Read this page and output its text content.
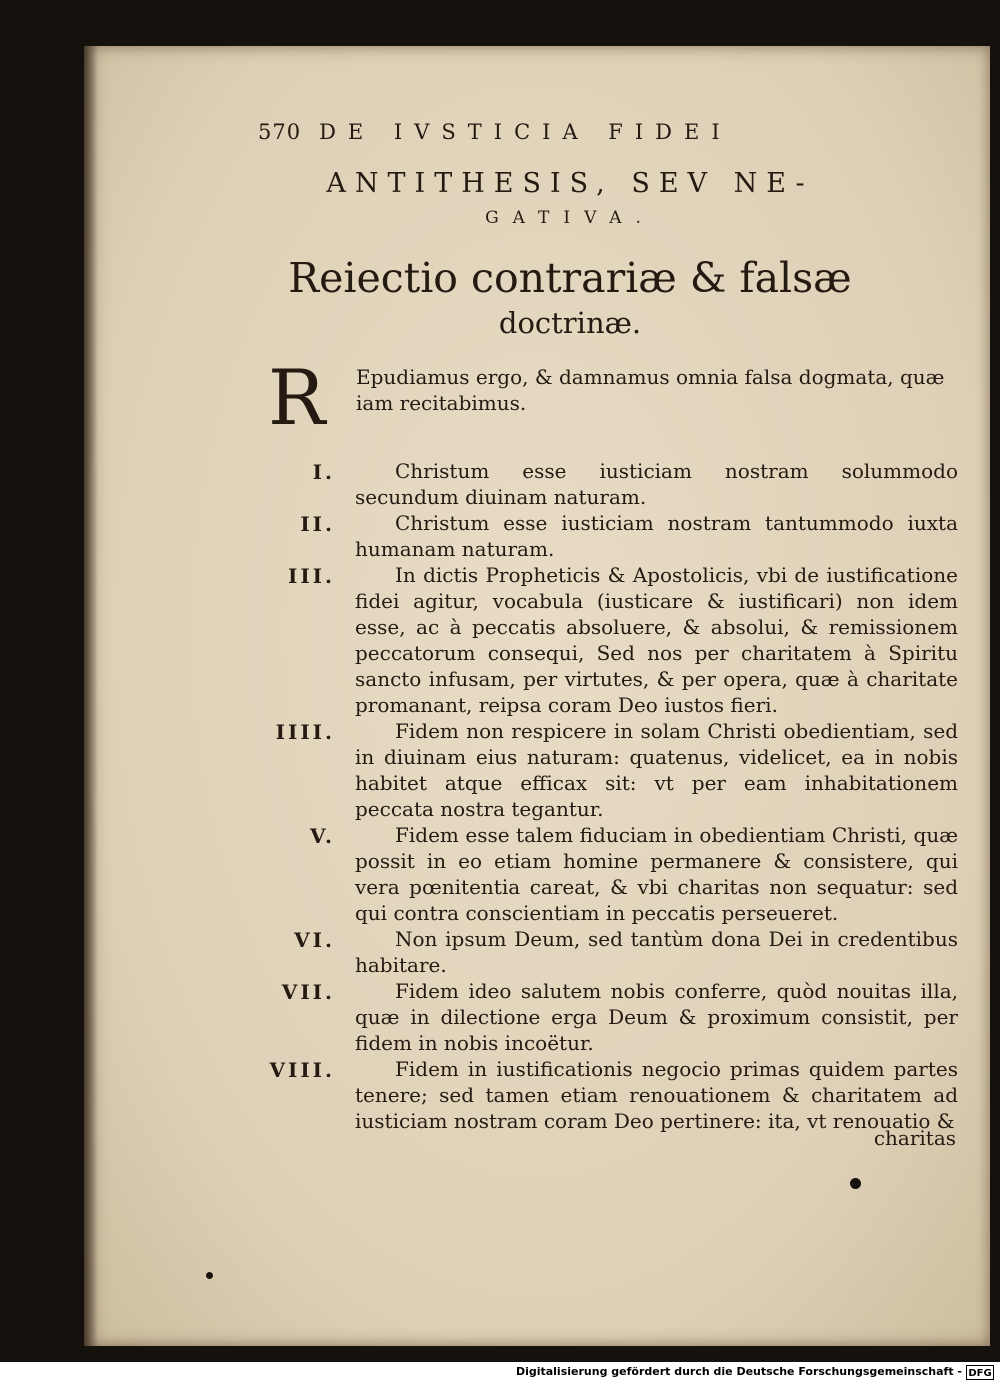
570 DE IVSTICIA FIDEI
ANTITHESIS, SEV NE-
GATIVA.
Reiectio contrariæ & falsæ
doctrinæ.
R Epudiamus ergo, & damnamus omnia falsa dogmata, quæ iam recitabimus.
I.	Christum esse iusticiam nostram solummodo secundum diuinam naturam.
II.	Christum esse iusticiam nostram tantummodo iuxta humanam naturam.
III.	In dictis Propheticis & Apostolicis, vbi de iustificatione fidei agitur, vocabula (iusticare & iustificari) non idem esse, ac à peccatis absoluere, & absolui, & remissionem peccatorum consequi, Sed nos per charitatem à Spiritu sancto infusam, per virtutes, & per opera, quæ à charitate promanant, reipsa coram Deo iustos fieri.
IIII.	Fidem non respicere in solam Christi obedientiam, sed in diuinam eius naturam: quatenus, videlicet, ea in nobis habitet atque efficax sit: vt per eam inhabitationem peccata nostra tegantur.
V.	Fidem esse talem fiduciam in obedientiam Christi, quæ possit in eo etiam homine permanere & consistere, qui vera pœnitentia careat, & vbi charitas non sequatur: sed qui contra conscientiam in peccatis perseueret.
VI.	Non ipsum Deum, sed tantùm dona Dei in credentibus habitare.
VII.	Fidem ideo salutem nobis conferre, quòd nouitas illa, quæ in dilectione erga Deum & proximum consistit, per fidem in nobis incoëtur.
VIII.	Fidem in iustificationis negocio primas quidem partes tenere; sed tamen etiam renouationem & charitatem ad iusticiam nostram coram Deo pertinere: ita, vt renouatio &
charitas
Digitalisierung gefördert durch die Deutsche Forschungsgemeinschaft - DFG
